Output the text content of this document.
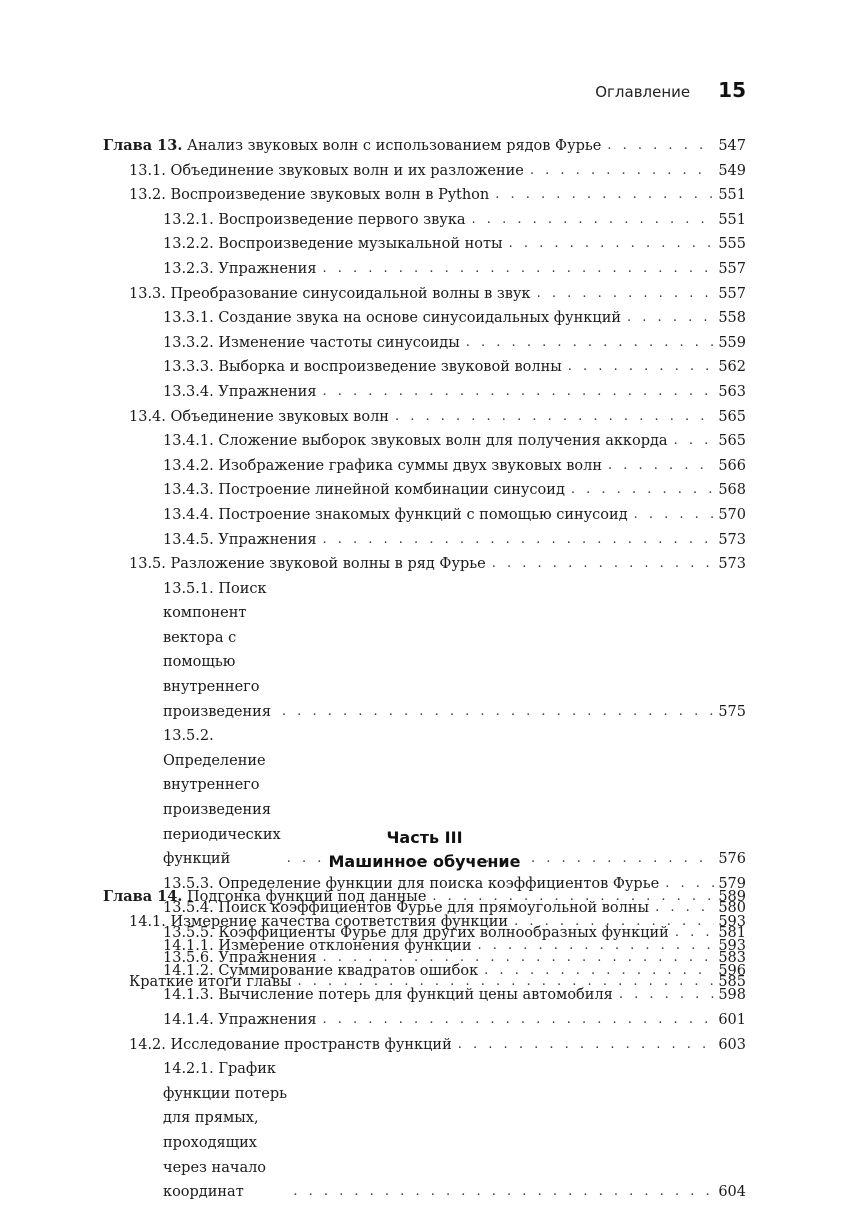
Оглавление 15
Глава 13. Анализ звуковых волн с использованием рядов Фурье . . .	547
13.1. Объединение звуковых волн и их разложение . . .	549
13.2. Воспроизведение звуковых волн в Python . . .	551
13.2.1. Воспроизведение первого звука . . .	551
13.2.2. Воспроизведение музыкальной ноты . . .	555
13.2.3. Упражнения . . .	557
13.3. Преобразование синусоидальной волны в звук . . .	557
13.3.1. Создание звука на основе синусоидальных функций . . .	558
13.3.2. Изменение частоты синусоиды . . .	559
13.3.3. Выборка и воспроизведение звуковой волны . . .	562
13.3.4. Упражнения . . .	563
13.4. Объединение звуковых волн . . .	565
13.4.1. Сложение выборок звуковых волн для получения аккорда . . .	565
13.4.2. Изображение графика суммы двух звуковых волн . . .	566
13.4.3. Построение линейной комбинации синусоид . . .	568
13.4.4. Построение знакомых функций с помощью синусоид . . .	570
13.4.5. Упражнения . . .	573
13.5. Разложение звуковой волны в ряд Фурье . . .	573
13.5.1. Поиск компонент вектора с помощью внутреннего произведения . . .	575
13.5.2. Определение внутреннего произведения периодических функций . . .	576
13.5.3. Определение функции для поиска коэффициентов Фурье . . .	579
13.5.4. Поиск коэффициентов Фурье для прямоугольной волны . . .	580
13.5.5. Коэффициенты Фурье для других волнообразных функций . . .	581
13.5.6. Упражнения . . .	583
Краткие итоги главы . . .	585
Часть III
Машинное обучение
Глава 14. Подгонка функций под данные . . .	589
14.1. Измерение качества соответствия функции . . .	593
14.1.1. Измерение отклонения функции . . .	593
14.1.2. Суммирование квадратов ошибок . . .	596
14.1.3. Вычисление потерь для функций цены автомобиля . . .	598
14.1.4. Упражнения . . .	601
14.2. Исследование пространств функций . . .	603
14.2.1. График функции потерь для прямых, проходящих через начало координат . . .	604
